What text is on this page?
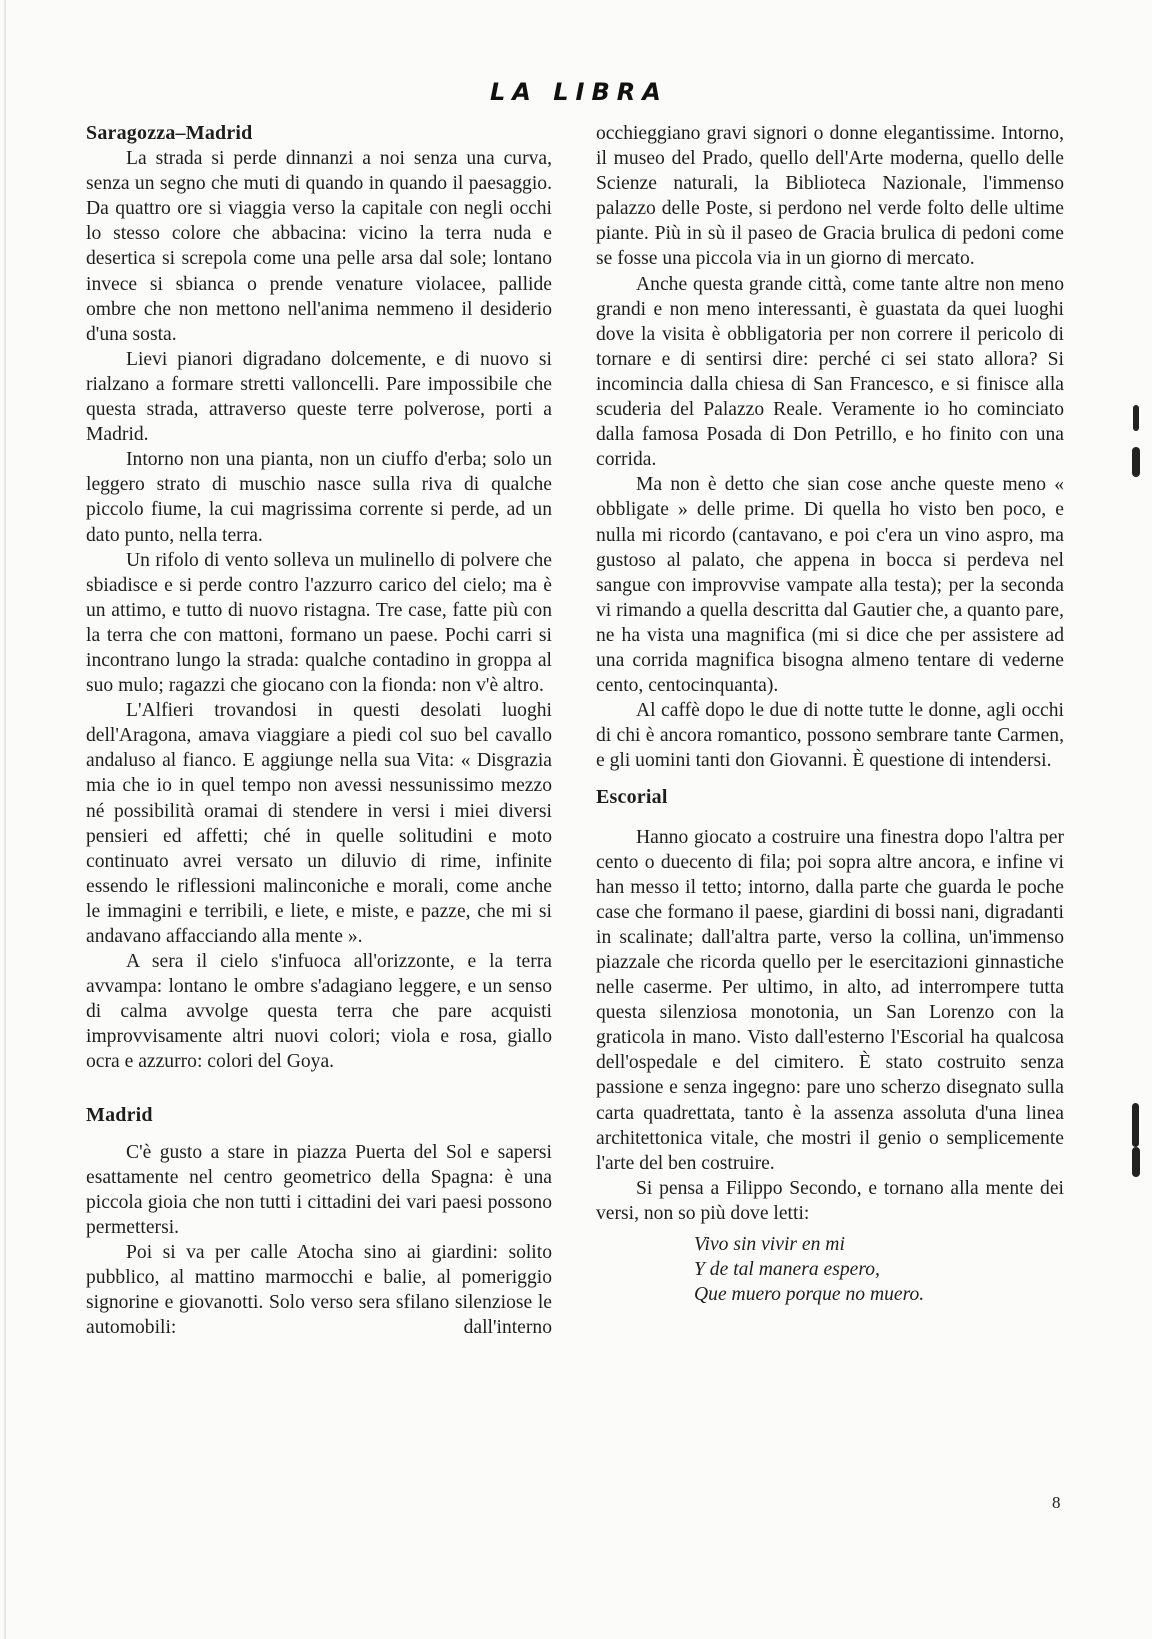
LA LIBRA
Saragozza–Madrid

La strada si perde dinnanzi a noi senza una curva, senza un segno che muti di quando in quando il paesaggio. Da quattro ore si viaggia verso la capitale con negli occhi lo stesso colore che abbacina: vicino la terra nuda e desertica si screpola come una pelle arsa dal sole; lontano invece si sbianca o prende venature violacee, pallide ombre che non mettono nell'anima nemmeno il desiderio d'una sosta.

Lievi pianori digradano dolcemente, e di nuovo si rialzano a formare stretti valloncelli. Pare impossibile che questa strada, attraverso queste terre polverose, porti a Madrid.

Intorno non una pianta, non un ciuffo d'erba; solo un leggero strato di muschio nasce sulla riva di qualche piccolo fiume, la cui magrissima corrente si perde, ad un dato punto, nella terra.

Un rifolo di vento solleva un mulinello di polvere che sbiadisce e si perde contro l'azzurro carico del cielo; ma è un attimo, e tutto di nuovo ristagna. Tre case, fatte più con la terra che con mattoni, formano un paese. Pochi carri si incontrano lungo la strada: qualche contadino in groppa al suo mulo; ragazzi che giocano con la fionda: non v'è altro.

L'Alfieri trovandosi in questi desolati luoghi dell'Aragona, amava viaggiare a piedi col suo bel cavallo andaluso al fianco. E aggiunge nella sua Vita: « Disgrazia mia che io in quel tempo non avessi nessunissimo mezzo né possibilità oramai di stendere in versi i miei diversi pensieri ed affetti; ché in quelle solitudini e moto continuato avrei versato un diluvio di rime, infinite essendo le riflessioni malinconiche e morali, come anche le immagini e terribili, e liete, e miste, e pazze, che mi si andavano affacciando alla mente ».

A sera il cielo s'infuoca all'orizzonte, e la terra avvampa: lontano le ombre s'adagiano leggere, e un senso di calma avvolge questa terra che pare acquisti improvvisamente altri nuovi colori; viola e rosa, giallo ocra e azzurro: colori del Goya.

Madrid

C'è gusto a stare in piazza Puerta del Sol e sapersi esattamente nel centro geometrico della Spagna: è una piccola gioia che non tutti i cittadini dei vari paesi possono permettersi.

Poi si va per calle Atocha sino ai giardini: solito pubblico, al mattino marmocchi e balie, al pomeriggio signorine e giovanotti. Solo verso sera sfilano silenziose le automobili: dall'interno

occhieggiano gravi signori o donne elegantissime. Intorno, il museo del Prado, quello dell'Arte moderna, quello delle Scienze naturali, la Biblioteca Nazionale, l'immenso palazzo delle Poste, si perdono nel verde folto delle ultime piante. Più in sù il paseo de Gracia brulica di pedoni come se fosse una piccola via in un giorno di mercato.

Anche questa grande città, come tante altre non meno grandi e non meno interessanti, è guastata da quei luoghi dove la visita è obbligatoria per non correre il pericolo di tornare e di sentirsi dire: perché ci sei stato allora? Si incomincia dalla chiesa di San Francesco, e si finisce alla scuderia del Palazzo Reale. Veramente io ho cominciato dalla famosa Posada di Don Petrillo, e ho finito con una corrida.

Ma non è detto che sian cose anche queste meno « obbligate » delle prime. Di quella ho visto ben poco, e nulla mi ricordo (cantavano, e poi c'era un vino aspro, ma gustoso al palato, che appena in bocca si perdeva nel sangue con improvvise vampate alla testa); per la seconda vi rimando a quella descritta dal Gautier che, a quanto pare, ne ha vista una magnifica (mi si dice che per assistere ad una corrida magnifica bisogna almeno tentare di vederne cento, centocinquanta).

Al caffè dopo le due di notte tutte le donne, agli occhi di chi è ancora romantico, possono sembrare tante Carmen, e gli uomini tanti don Giovanni. È questione di intendersi.

Escorial

Hanno giocato a costruire una finestra dopo l'altra per cento o duecento di fila; poi sopra altre ancora, e infine vi han messo il tetto; intorno, dalla parte che guarda le poche case che formano il paese, giardini di bossi nani, digradanti in scalinate; dall'altra parte, verso la collina, un'immenso piazzale che ricorda quello per le esercitazioni ginnastiche nelle caserme. Per ultimo, in alto, ad interrompere tutta questa silenziosa monotonia, un San Lorenzo con la graticola in mano. Visto dall'esterno l'Escorial ha qualcosa dell'ospedale e del cimitero. È stato costruito senza passione e senza ingegno: pare uno scherzo disegnato sulla carta quadrettata, tanto è la assenza assoluta d'una linea architettonica vitale, che mostri il genio o semplicemente l'arte del ben costruire.

Si pensa a Filippo Secondo, e tornano alla mente dei versi, non so più dove letti:

Vivo sin vivir en mi
Y de tal manera espero,
Que muero porque no muero.
8
